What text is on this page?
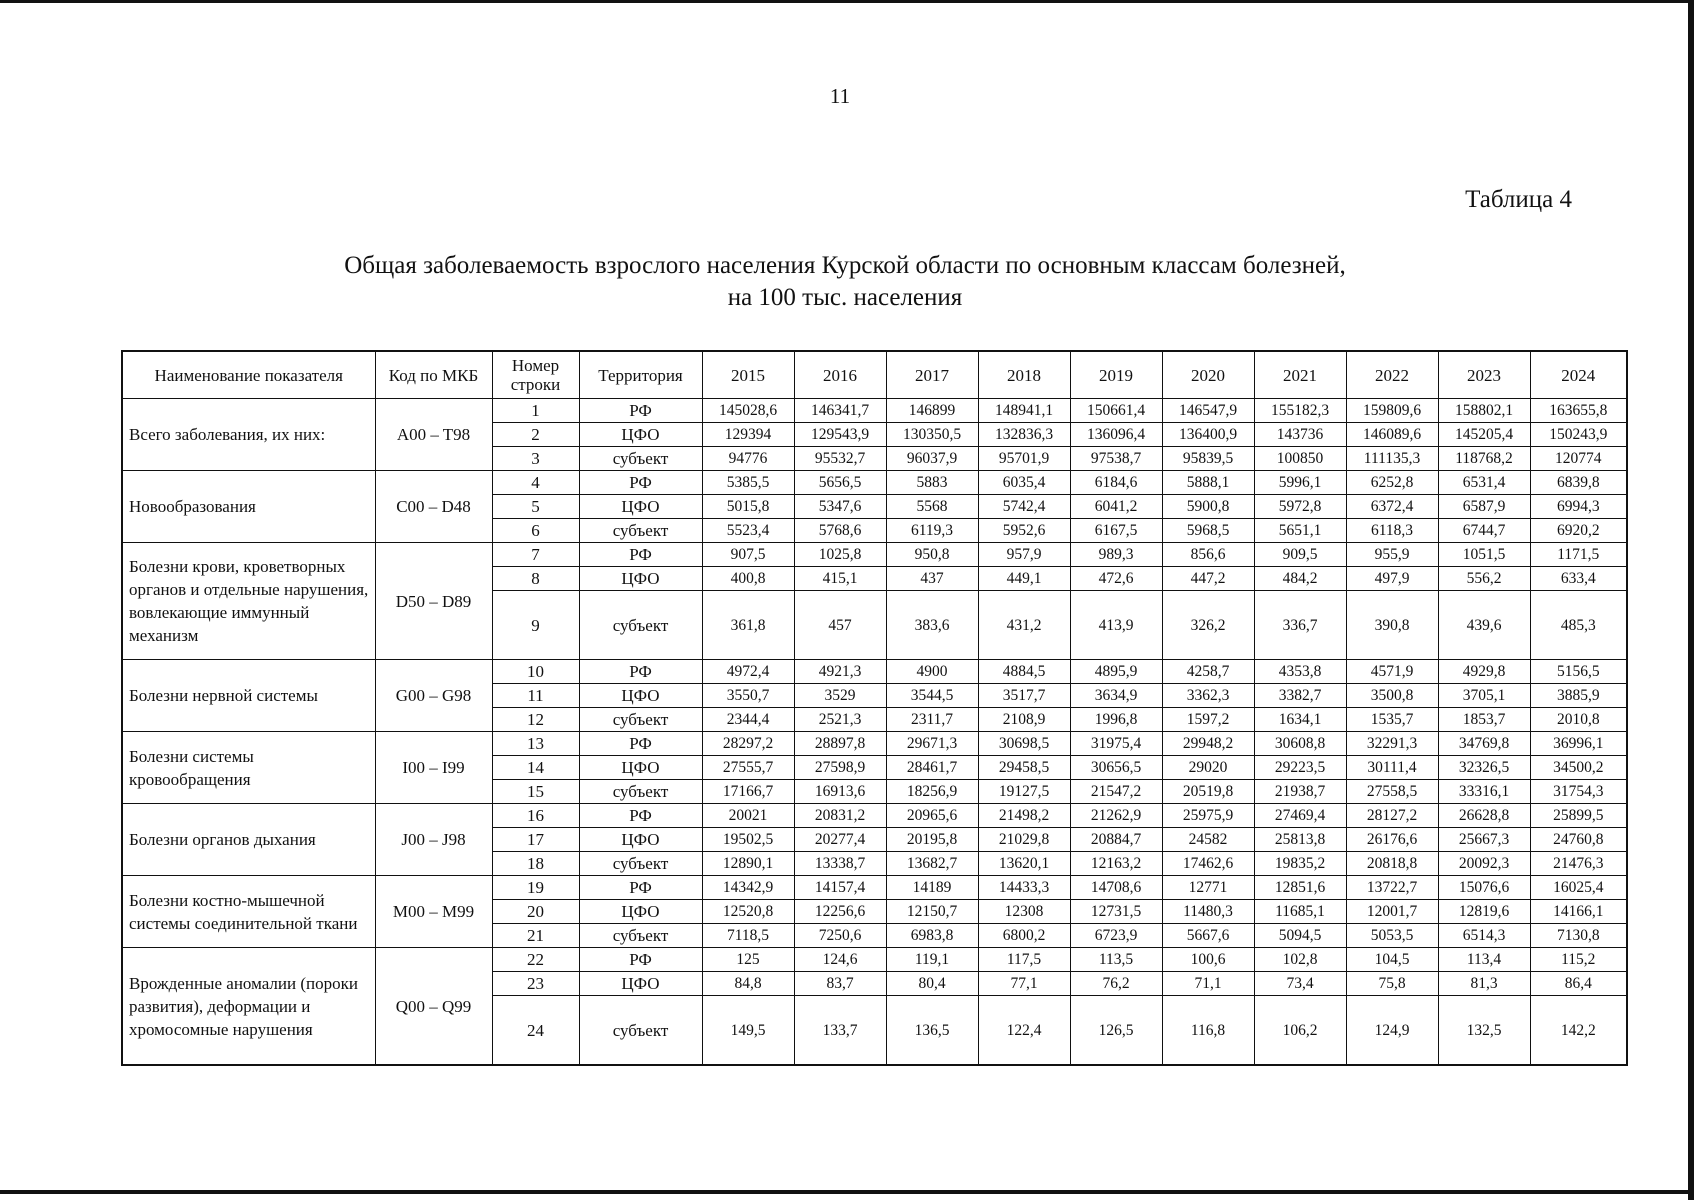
11
Таблица 4
Общая заболеваемость взрослого населения Курской области по основным классам болезней,
на 100 тыс. населения
Наименование показателя	Код по МКБ	Номер строки	Территория	2015	2016	2017	2018	2019	2020	2021	2022	2023	2024
Всего заболевания, их них:	A00 – T98	1	РФ	145028,6	146341,7	146899	148941,1	150661,4	146547,9	155182,3	159809,6	158802,1	163655,8
		2	ЦФО	129394	129543,9	130350,5	132836,3	136096,4	136400,9	143736	146089,6	145205,4	150243,9
		3	субъект	94776	95532,7	96037,9	95701,9	97538,7	95839,5	100850	111135,3	118768,2	120774
Новообразования	C00 – D48	4	РФ	5385,5	5656,5	5883	6035,4	6184,6	5888,1	5996,1	6252,8	6531,4	6839,8
		5	ЦФО	5015,8	5347,6	5568	5742,4	6041,2	5900,8	5972,8	6372,4	6587,9	6994,3
		6	субъект	5523,4	5768,6	6119,3	5952,6	6167,5	5968,5	5651,1	6118,3	6744,7	6920,2
Болезни крови, кроветворных органов и отдельные нарушения, вовлекающие иммунный механизм	D50 – D89	7	РФ	907,5	1025,8	950,8	957,9	989,3	856,6	909,5	955,9	1051,5	1171,5
		8	ЦФО	400,8	415,1	437	449,1	472,6	447,2	484,2	497,9	556,2	633,4
		9	субъект	361,8	457	383,6	431,2	413,9	326,2	336,7	390,8	439,6	485,3
Болезни нервной системы	G00 – G98	10	РФ	4972,4	4921,3	4900	4884,5	4895,9	4258,7	4353,8	4571,9	4929,8	5156,5
		11	ЦФО	3550,7	3529	3544,5	3517,7	3634,9	3362,3	3382,7	3500,8	3705,1	3885,9
		12	субъект	2344,4	2521,3	2311,7	2108,9	1996,8	1597,2	1634,1	1535,7	1853,7	2010,8
Болезни системы кровообращения	I00 – I99	13	РФ	28297,2	28897,8	29671,3	30698,5	31975,4	29948,2	30608,8	32291,3	34769,8	36996,1
		14	ЦФО	27555,7	27598,9	28461,7	29458,5	30656,5	29020	29223,5	30111,4	32326,5	34500,2
		15	субъект	17166,7	16913,6	18256,9	19127,5	21547,2	20519,8	21938,7	27558,5	33316,1	31754,3
Болезни органов дыхания	J00 – J98	16	РФ	20021	20831,2	20965,6	21498,2	21262,9	25975,9	27469,4	28127,2	26628,8	25899,5
		17	ЦФО	19502,5	20277,4	20195,8	21029,8	20884,7	24582	25813,8	26176,6	25667,3	24760,8
		18	субъект	12890,1	13338,7	13682,7	13620,1	12163,2	17462,6	19835,2	20818,8	20092,3	21476,3
Болезни костно-мышечной системы соединительной ткани	M00 – M99	19	РФ	14342,9	14157,4	14189	14433,3	14708,6	12771	12851,6	13722,7	15076,6	16025,4
		20	ЦФО	12520,8	12256,6	12150,7	12308	12731,5	11480,3	11685,1	12001,7	12819,6	14166,1
		21	субъект	7118,5	7250,6	6983,8	6800,2	6723,9	5667,6	5094,5	5053,5	6514,3	7130,8
Врожденные аномалии (пороки развития), деформации и хромосомные нарушения	Q00 – Q99	22	РФ	125	124,6	119,1	117,5	113,5	100,6	102,8	104,5	113,4	115,2
		23	ЦФО	84,8	83,7	80,4	77,1	76,2	71,1	73,4	75,8	81,3	86,4
		24	субъект	149,5	133,7	136,5	122,4	126,5	116,8	106,2	124,9	132,5	142,2
